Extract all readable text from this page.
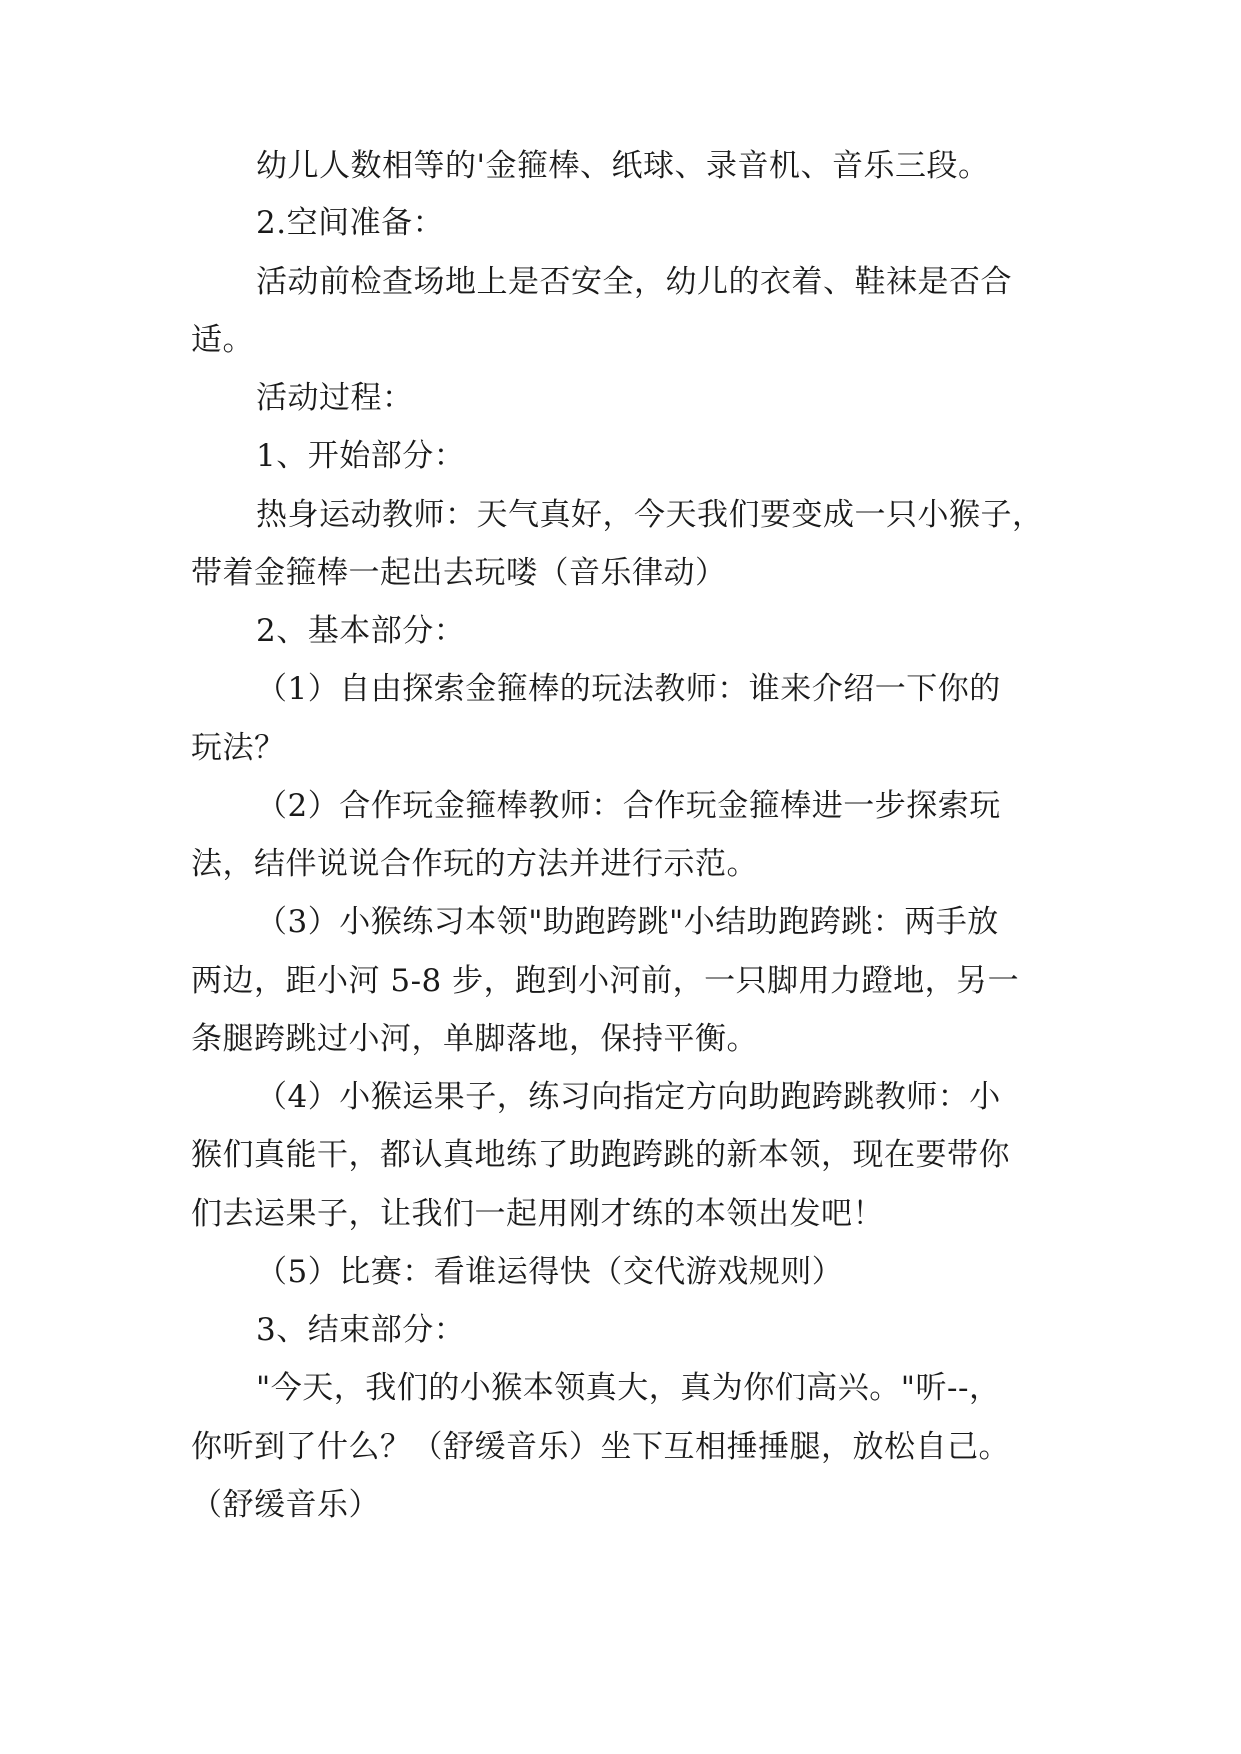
幼儿人数相等的'金箍棒、纸球、录音机、音乐三段。
2.空间准备：
活动前检查场地上是否安全，幼儿的衣着、鞋袜是否合
适。
活动过程：
1、开始部分：
热身运动教师：天气真好，今天我们要变成一只小猴子，
带着金箍棒一起出去玩喽（音乐律动）
2、基本部分：
（1）自由探索金箍棒的玩法教师：谁来介绍一下你的
玩法？
（2）合作玩金箍棒教师：合作玩金箍棒进一步探索玩
法，结伴说说合作玩的方法并进行示范。
（3）小猴练习本领"助跑跨跳"小结助跑跨跳：两手放
两边，距小河 5-8 步，跑到小河前，一只脚用力蹬地，另一
条腿跨跳过小河，单脚落地，保持平衡。
（4）小猴运果子，练习向指定方向助跑跨跳教师：小
猴们真能干，都认真地练了助跑跨跳的新本领，现在要带你
们去运果子，让我们一起用刚才练的本领出发吧！
（5）比赛：看谁运得快（交代游戏规则）
3、结束部分：
"今天，我们的小猴本领真大，真为你们高兴。"听--，
你听到了什么？（舒缓音乐）坐下互相捶捶腿，放松自己。
（舒缓音乐）
